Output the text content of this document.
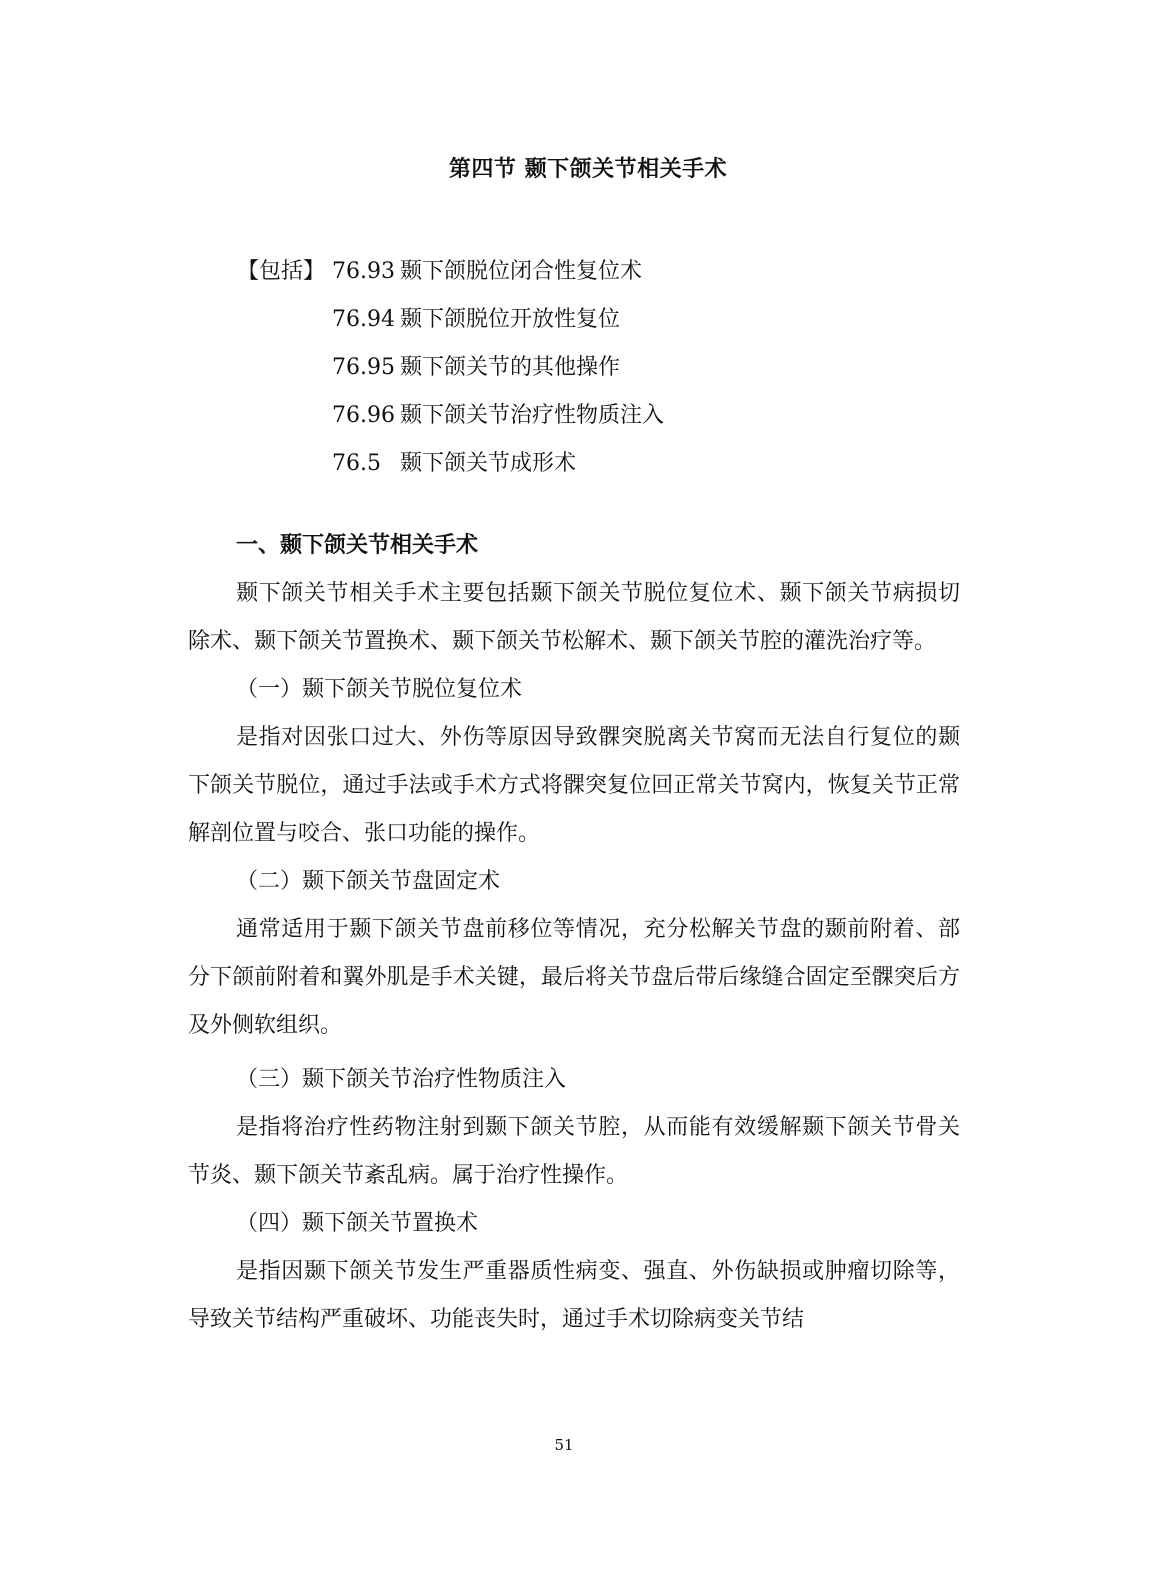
第四节 颞下颌关节相关手术
【包括】 76.93 颞下颌脱位闭合性复位术
76.94 颞下颌脱位开放性复位
76.95 颞下颌关节的其他操作
76.96 颞下颌关节治疗性物质注入
76.5 颞下颌关节成形术
一、颞下颌关节相关手术

颞下颌关节相关手术主要包括颞下颌关节脱位复位术、颞下颌关节病损切除术、颞下颌关节置换术、颞下颌关节松解术、颞下颌关节腔的灌洗治疗等。

（一）颞下颌关节脱位复位术

是指对因张口过大、外伤等原因导致髁突脱离关节窝而无法自行复位的颞下颌关节脱位，通过手法或手术方式将髁突复位回正常关节窝内，恢复关节正常解剖位置与咬合、张口功能的操作。

（二）颞下颌关节盘固定术

通常适用于颞下颌关节盘前移位等情况，充分松解关节盘的颞前附着、部分下颌前附着和翼外肌是手术关键，最后将关节盘后带后缘缝合固定至髁突后方及外侧软组织。

（三）颞下颌关节治疗性物质注入

是指将治疗性药物注射到颞下颌关节腔，从而能有效缓解颞下颌关节骨关节炎、颞下颌关节紊乱病。属于治疗性操作。

（四）颞下颌关节置换术

是指因颞下颌关节发生严重器质性病变、强直、外伤缺损或肿瘤切除等，导致关节结构严重破坏、功能丧失时，通过手术切除病变关节结

51
